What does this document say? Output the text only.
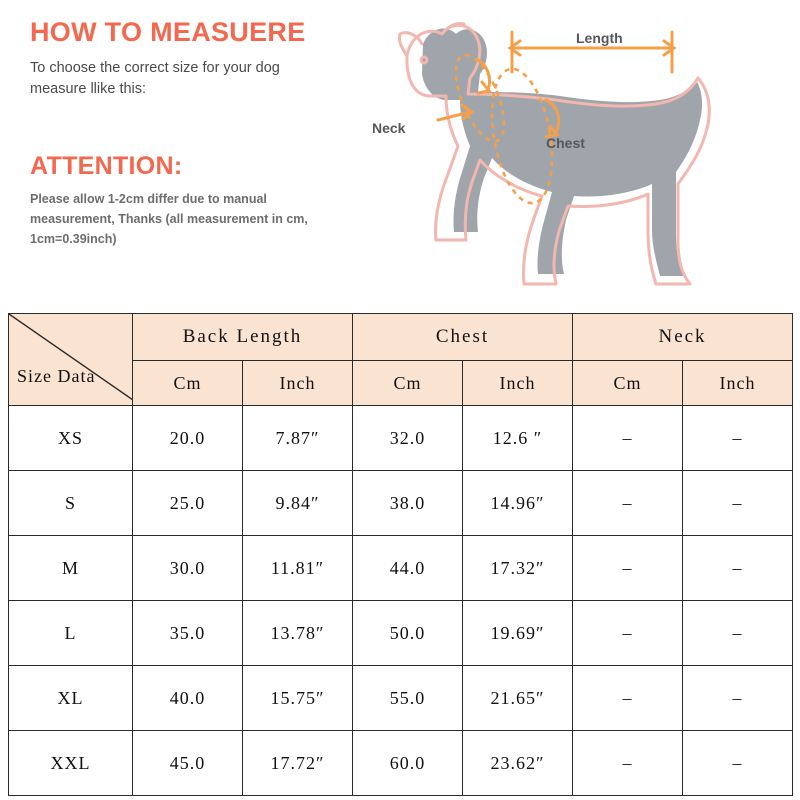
HOW TO MEASUERE

To choose the correct size for your dog measure llike this:

ATTENTION:

Please allow 1-2cm differ due to manual measurement, Thanks (all measurement in cm, 1cm=0.39inch)

Length
Neck
Chest
Size Data	Back Length		Chest		Neck	
	Cm	Inch	Cm	Inch	Cm	Inch
XS	20.0	7.87″	32.0	12.6 ″	–	–
S	25.0	9.84″	38.0	14.96″	–	–
M	30.0	11.81″	44.0	17.32″	–	–
L	35.0	13.78″	50.0	19.69″	–	–
XL	40.0	15.75″	55.0	21.65″	–	–
XXL	45.0	17.72″	60.0	23.62″	–	–
